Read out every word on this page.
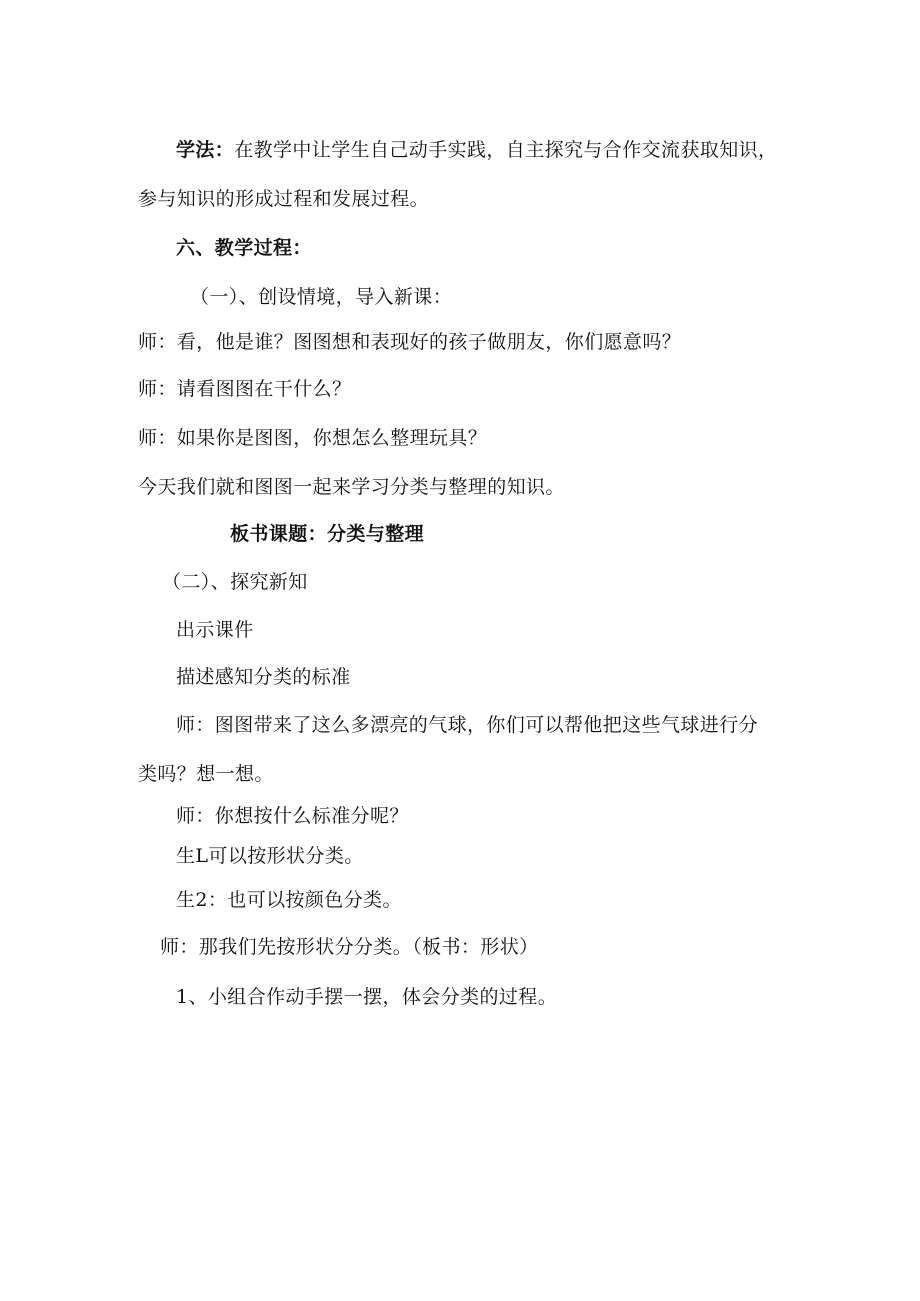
学法：在教学中让学生自己动手实践，自主探究与合作交流获取知识，
参与知识的形成过程和发展过程。
六、教学过程：
（一）、创设情境，导入新课：
师：看，他是谁？图图想和表现好的孩子做朋友，你们愿意吗？
师：请看图图在干什么？
师：如果你是图图，你想怎么整理玩具？
今天我们就和图图一起来学习分类与整理的知识。
板书课题：分类与整理
（二）、探究新知
出示课件
描述感知分类的标准
师：图图带来了这么多漂亮的气球，你们可以帮他把这些气球进行分
类吗？想一想。
师：你想按什么标准分呢？
生L可以按形状分类。
生2：也可以按颜色分类。
师：那我们先按形状分分类。（板书：形状）
1、小组合作动手摆一摆，体会分类的过程。
